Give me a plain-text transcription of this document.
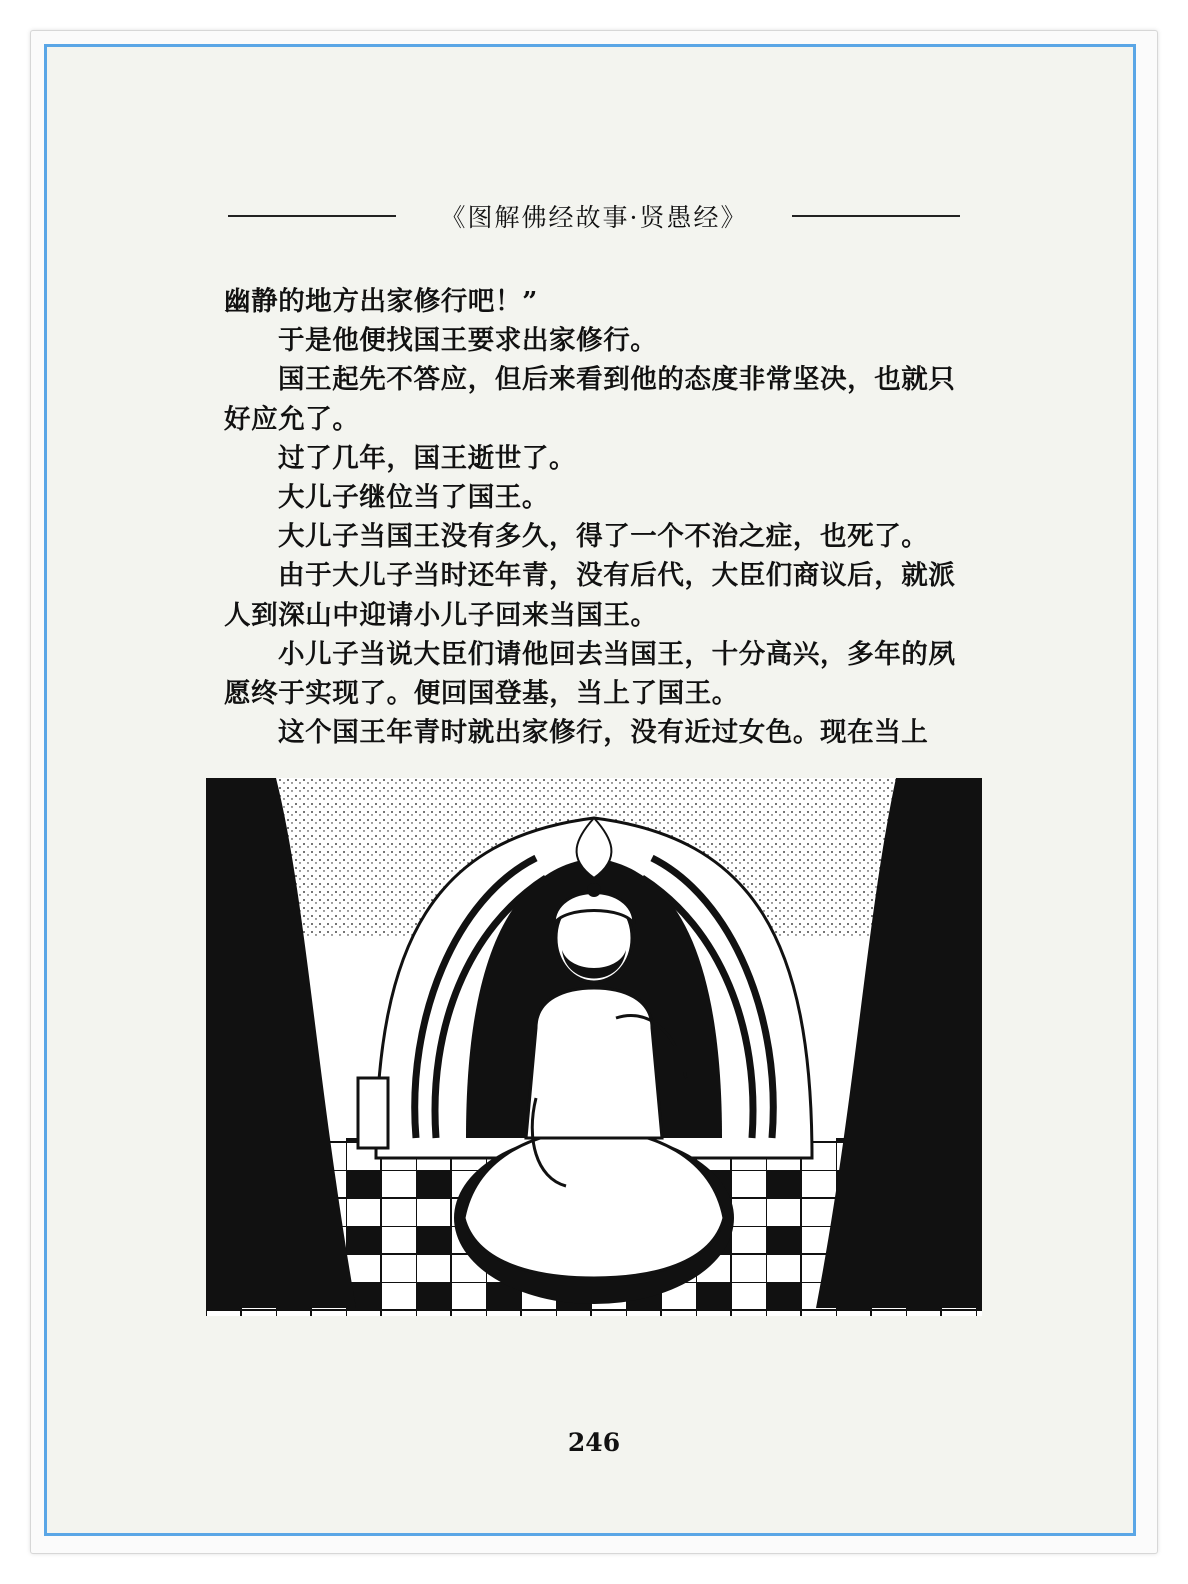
《图解佛经故事·贤愚经》

幽静的地方出家修行吧！”

于是他便找国王要求出家修行。

国王起先不答应，但后来看到他的态度非常坚决，也就只好应允了。

过了几年，国王逝世了。

大儿子继位当了国王。

大儿子当国王没有多久，得了一个不治之症，也死了。

由于大儿子当时还年青，没有后代，大臣们商议后，就派人到深山中迎请小儿子回来当国王。

小儿子当说大臣们请他回去当国王，十分高兴，多年的夙愿终于实现了。便回国登基，当上了国王。

这个国王年青时就出家修行，没有近过女色。现在当上

246
